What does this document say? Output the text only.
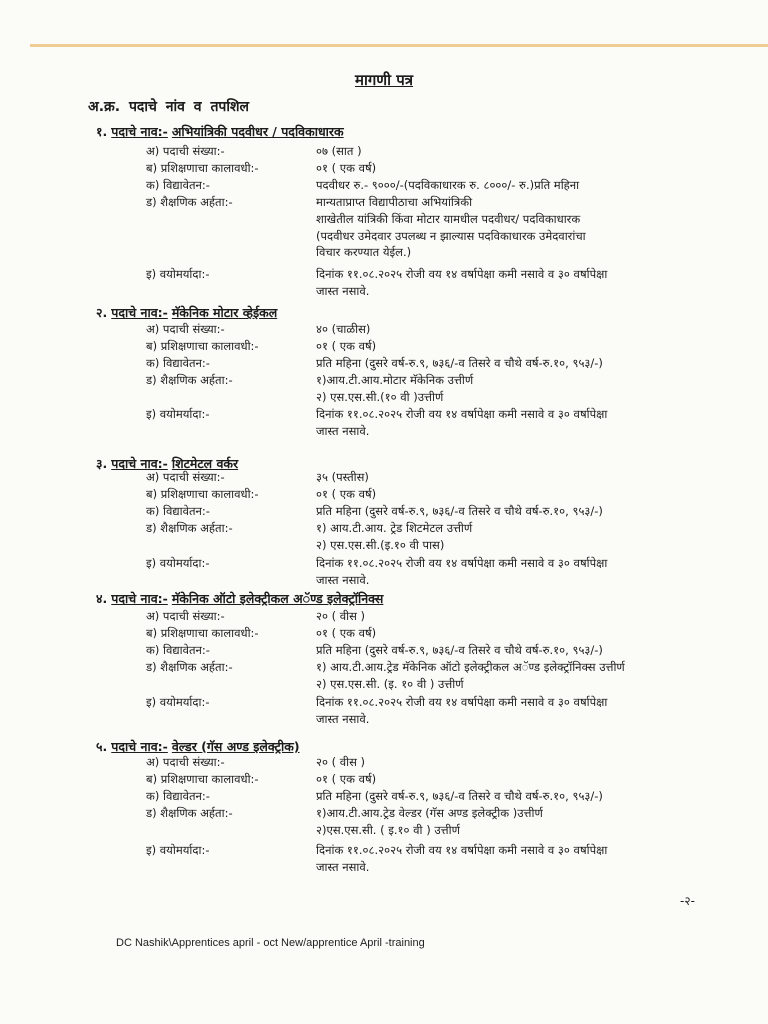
मागणी पत्र
अ.क्र. पदाचे नांव व तपशिल
१. पदाचे नाव:- अभियांत्रिकी पदवीधर / पदविकाधारक
अ) पदाची संख्या:-	०७ (सात )
ब) प्रशिक्षणाचा कालावधी:-	०१ ( एक वर्ष)
क) विद्यावेतन:-	पदवीधर रु.- ९०००/-(पदविकाधारक रु. ८०००/- रु.)प्रति महिना
ड) शैक्षणिक अर्हता:-	मान्यताप्राप्त विद्यापीठाचा अभियांत्रिकी
शाखेतील यांत्रिकी किंवा मोटार यामधील पदवीधर/ पदविकाधारक
(पदवीधर उमेदवार उपलब्ध न झाल्यास पदविकाधारक उमेदवारांचा
विचार करण्यात येईल.)
इ) वयोमर्यादा:-	दिनांक ११.०८.२०२५ रोजी वय १४ वर्षापेक्षा कमी नसावे व ३० वर्षापेक्षा
जास्त नसावे.
२. पदाचे नाव:- मॅकेनिक मोटार व्हेईकल
अ) पदाची संख्या:-	४० (चाळीस)
ब) प्रशिक्षणाचा कालावधी:-	०१ ( एक वर्ष)
क) विद्यावेतन:-	प्रति महिना (दुसरे वर्ष-रु.९, ७३६/-व तिसरे व चौथे वर्ष-रु.१०, ९५३/-)
ड) शैक्षणिक अर्हता:-	१)आय.टी.आय.मोटार मॅकेनिक उत्तीर्ण
२) एस.एस.सी.(१० वी )उत्तीर्ण
इ) वयोमर्यादा:-	दिनांक ११.०८.२०२५ रोजी वय १४ वर्षापेक्षा कमी नसावे व ३० वर्षापेक्षा
जास्त नसावे.
३. पदाचे नाव:- शिटमेटल वर्कर
अ) पदाची संख्या:-	३५ (पस्तीस)
ब) प्रशिक्षणाचा कालावधी:-	०१ ( एक वर्ष)
क) विद्यावेतन:-	प्रति महिना (दुसरे वर्ष-रु.९, ७३६/-व तिसरे व चौथे वर्ष-रु.१०, ९५३/-)
ड) शैक्षणिक अर्हता:-	१) आय.टी.आय. ट्रेड शिटमेटल उत्तीर्ण
२) एस.एस.सी.(इ.१० वी पास)
इ) वयोमर्यादा:-	दिनांक ११.०८.२०२५ रोजी वय १४ वर्षापेक्षा कमी नसावे व ३० वर्षापेक्षा
जास्त नसावे.
४. पदाचे नाव:- मॅकेनिक ऑटो इलेक्ट्रीकल अॅण्ड इलेक्ट्रॉनिक्स
अ) पदाची संख्या:-	२० ( वीस )
ब) प्रशिक्षणाचा कालावधी:-	०१ ( एक वर्ष)
क) विद्यावेतन:-	प्रति महिना (दुसरे वर्ष-रु.९, ७३६/-व तिसरे व चौथे वर्ष-रु.१०, ९५३/-)
ड) शैक्षणिक अर्हता:-	१) आय.टी.आय.ट्रेड मॅकेनिक ऑटो इलेक्ट्रीकल अॅण्ड इलेक्ट्रॉनिक्स उत्तीर्ण
२) एस.एस.सी. (इ. १० वी ) उत्तीर्ण
इ) वयोमर्यादा:-	दिनांक ११.०८.२०२५ रोजी वय १४ वर्षापेक्षा कमी नसावे व ३० वर्षापेक्षा
जास्त नसावे.
५. पदाचे नाव:- वेल्डर (गॅस अण्ड इलेक्ट्रीक)
अ) पदाची संख्या:-	२० ( वीस )
ब) प्रशिक्षणाचा कालावधी:-	०१ ( एक वर्ष)
क) विद्यावेतन:-	प्रति महिना (दुसरे वर्ष-रु.९, ७३६/-व तिसरे व चौथे वर्ष-रु.१०, ९५३/-)
ड) शैक्षणिक अर्हता:-	१)आय.टी.आय.ट्रेड वेल्डर (गॅस अण्ड इलेक्ट्रीक )उत्तीर्ण
२)एस.एस.सी. ( इ.१० वी ) उत्तीर्ण
इ) वयोमर्यादा:-	दिनांक ११.०८.२०२५ रोजी वय १४ वर्षापेक्षा कमी नसावे व ३० वर्षापेक्षा
जास्त नसावे.
-२-
DC Nashik\Apprentices april - oct New/apprentice April -training
